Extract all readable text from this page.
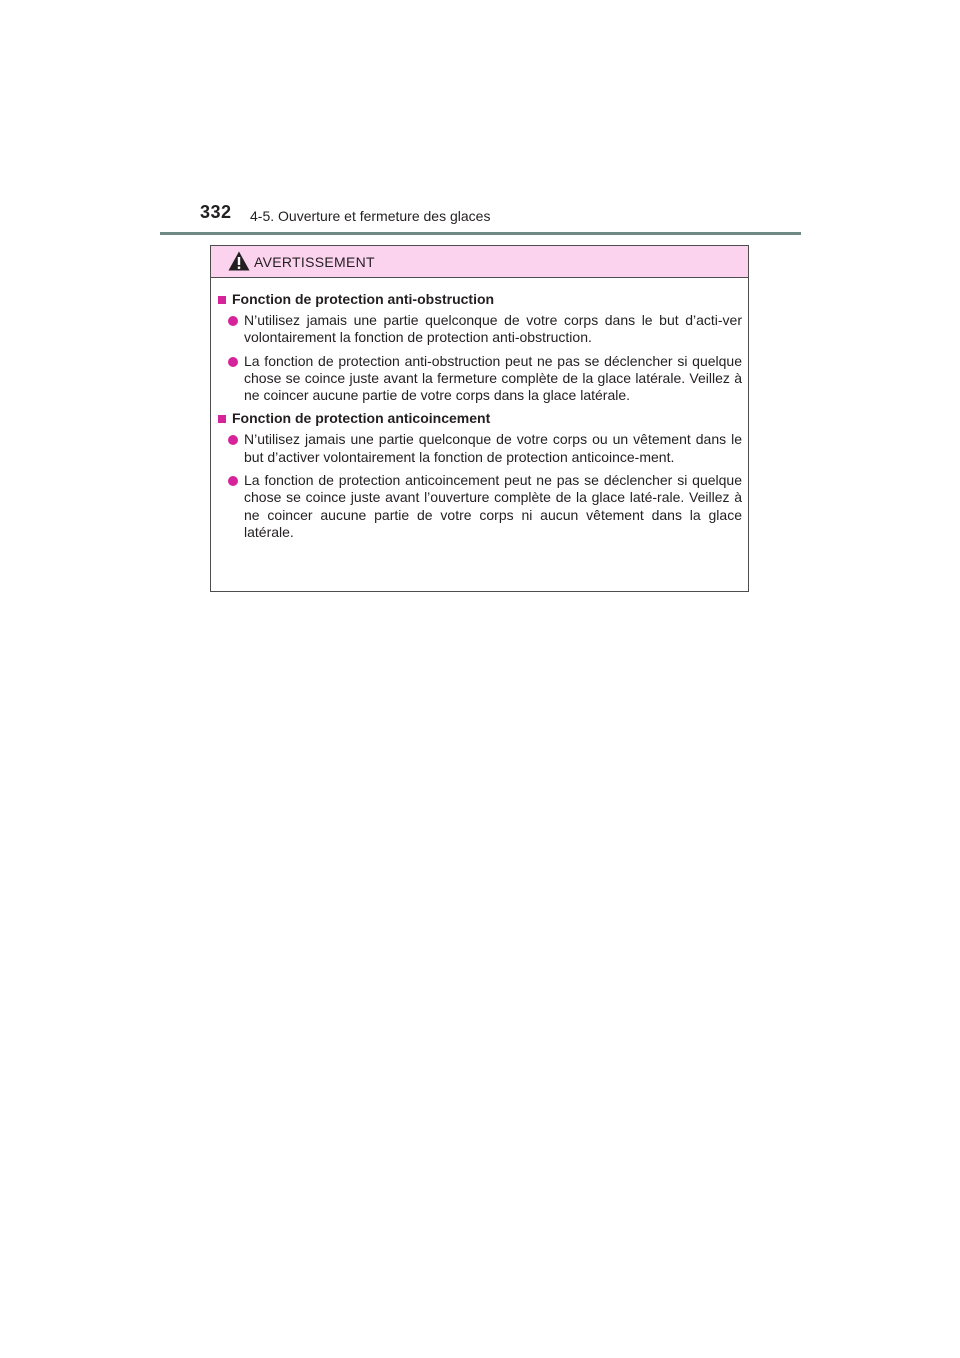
332 4-5. Ouverture et fermeture des glaces
AVERTISSEMENT
Fonction de protection anti-obstruction
N’utilisez jamais une partie quelconque de votre corps dans le but d’acti-ver volontairement la fonction de protection anti-obstruction.
La fonction de protection anti-obstruction peut ne pas se déclencher si quelque chose se coince juste avant la fermeture complète de la glace latérale. Veillez à ne coincer aucune partie de votre corps dans la glace latérale.
Fonction de protection anticoincement
N’utilisez jamais une partie quelconque de votre corps ou un vêtement dans le but d’activer volontairement la fonction de protection anticoince-ment.
La fonction de protection anticoincement peut ne pas se déclencher si quelque chose se coince juste avant l’ouverture complète de la glace laté-rale. Veillez à ne coincer aucune partie de votre corps ni aucun vêtement dans la glace latérale.
